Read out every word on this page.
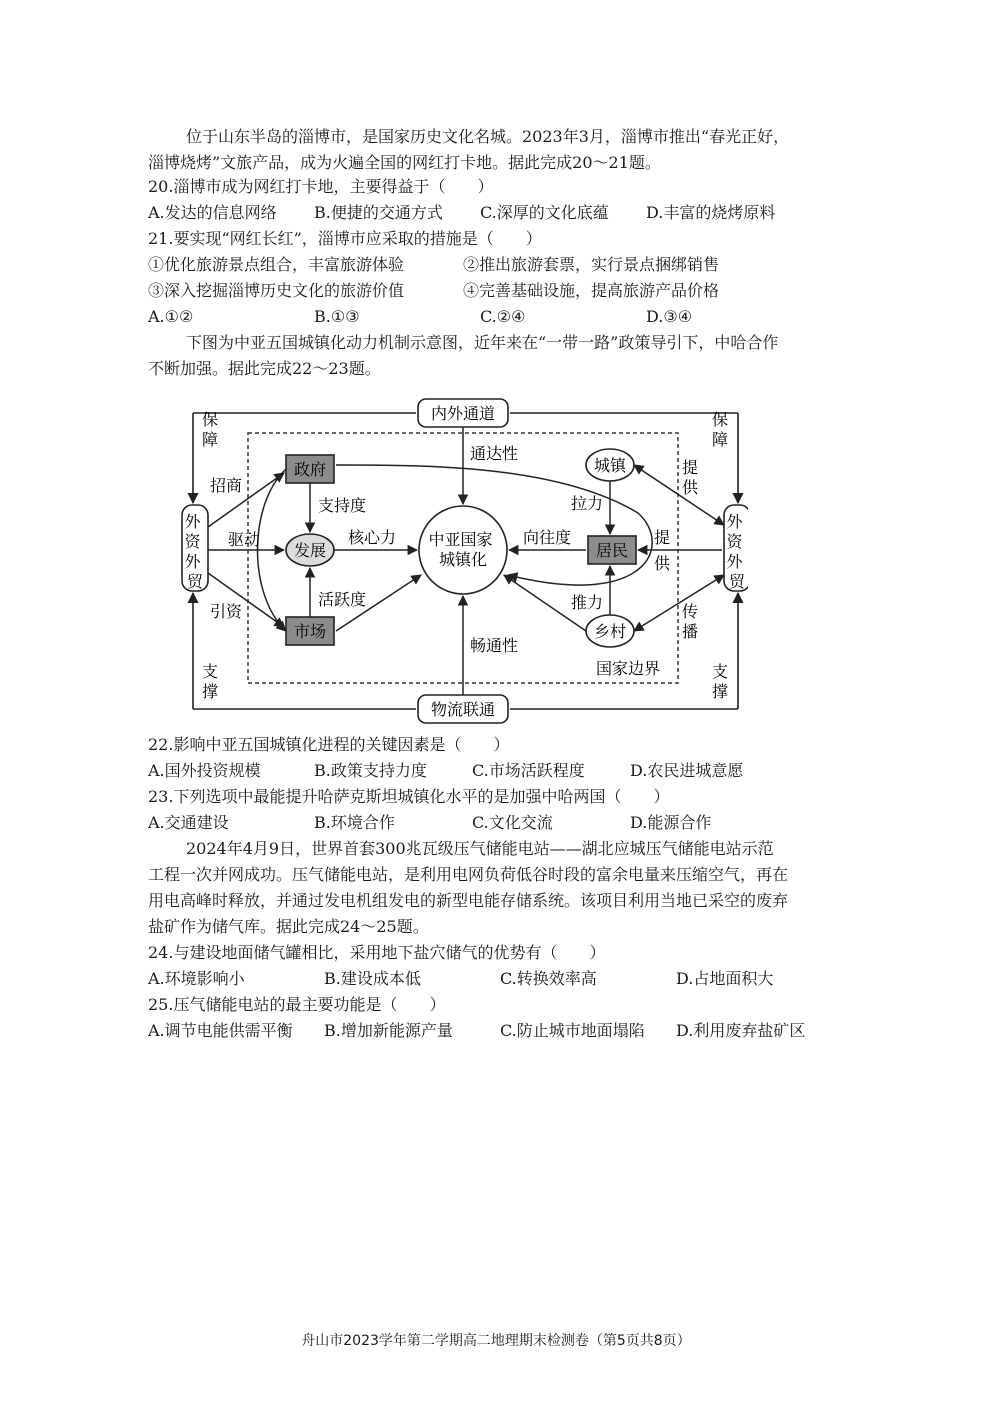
位于山东半岛的淄博市，是国家历史文化名城。2023年3月，淄博市推出“春光正好，
淄博烧烤”文旅产品，成为火遍全国的网红打卡地。据此完成20～21题。
20.淄博市成为网红打卡地，主要得益于（　　）
A.发达的信息网络 B.便捷的交通方式 C.深厚的文化底蕴 D.丰富的烧烤原料
21.要实现“网红长红”，淄博市应采取的措施是（　　）
①优化旅游景点组合，丰富旅游体验	②推出旅游套票，实行景点捆绑销售
③深入挖掘淄博历史文化的旅游价值	④完善基础设施，提高旅游产品价格
A.①②	B.①③	C.②④	D.③④
下图为中亚五国城镇化动力机制示意图，近年来在“一带一路”政策导引下，中哈合作
不断加强。据此完成22～23题。
内外通道
物流联通
外 资 外 贸
外 资 外 贸
保障
保障
支撑
支撑
政府
市场
发展
中亚国家 城镇化
城镇
居民
乡村
招商
驱动
引资
支持度
核心力
活跃度
通达性
畅通性
向往度
拉力
推力
提供
提供
传播
国家边界
22.影响中亚五国城镇化进程的关键因素是（　　）
A.国外投资规模	B.政策支持力度	C.市场活跃程度	D.农民进城意愿
23.下列选项中最能提升哈萨克斯坦城镇化水平的是加强中哈两国（　　）
A.交通建设	B.环境合作	C.文化交流	D.能源合作
2024年4月9日，世界首套300兆瓦级压气储能电站——湖北应城压气储能电站示范
工程一次并网成功。压气储能电站，是利用电网负荷低谷时段的富余电量来压缩空气，再在
用电高峰时释放，并通过发电机组发电的新型电能存储系统。该项目利用当地已采空的废弃
盐矿作为储气库。据此完成24～25题。
24.与建设地面储气罐相比，采用地下盐穴储气的优势有（　　）
A.环境影响小	B.建设成本低	C.转换效率高	D.占地面积大
25.压气储能电站的最主要功能是（　　）
A.调节电能供需平衡 B.增加新能源产量	C.防止城市地面塌陷 D.利用废弃盐矿区
舟山市2023学年第二学期高二地理期末检测卷（第5页共8页）
